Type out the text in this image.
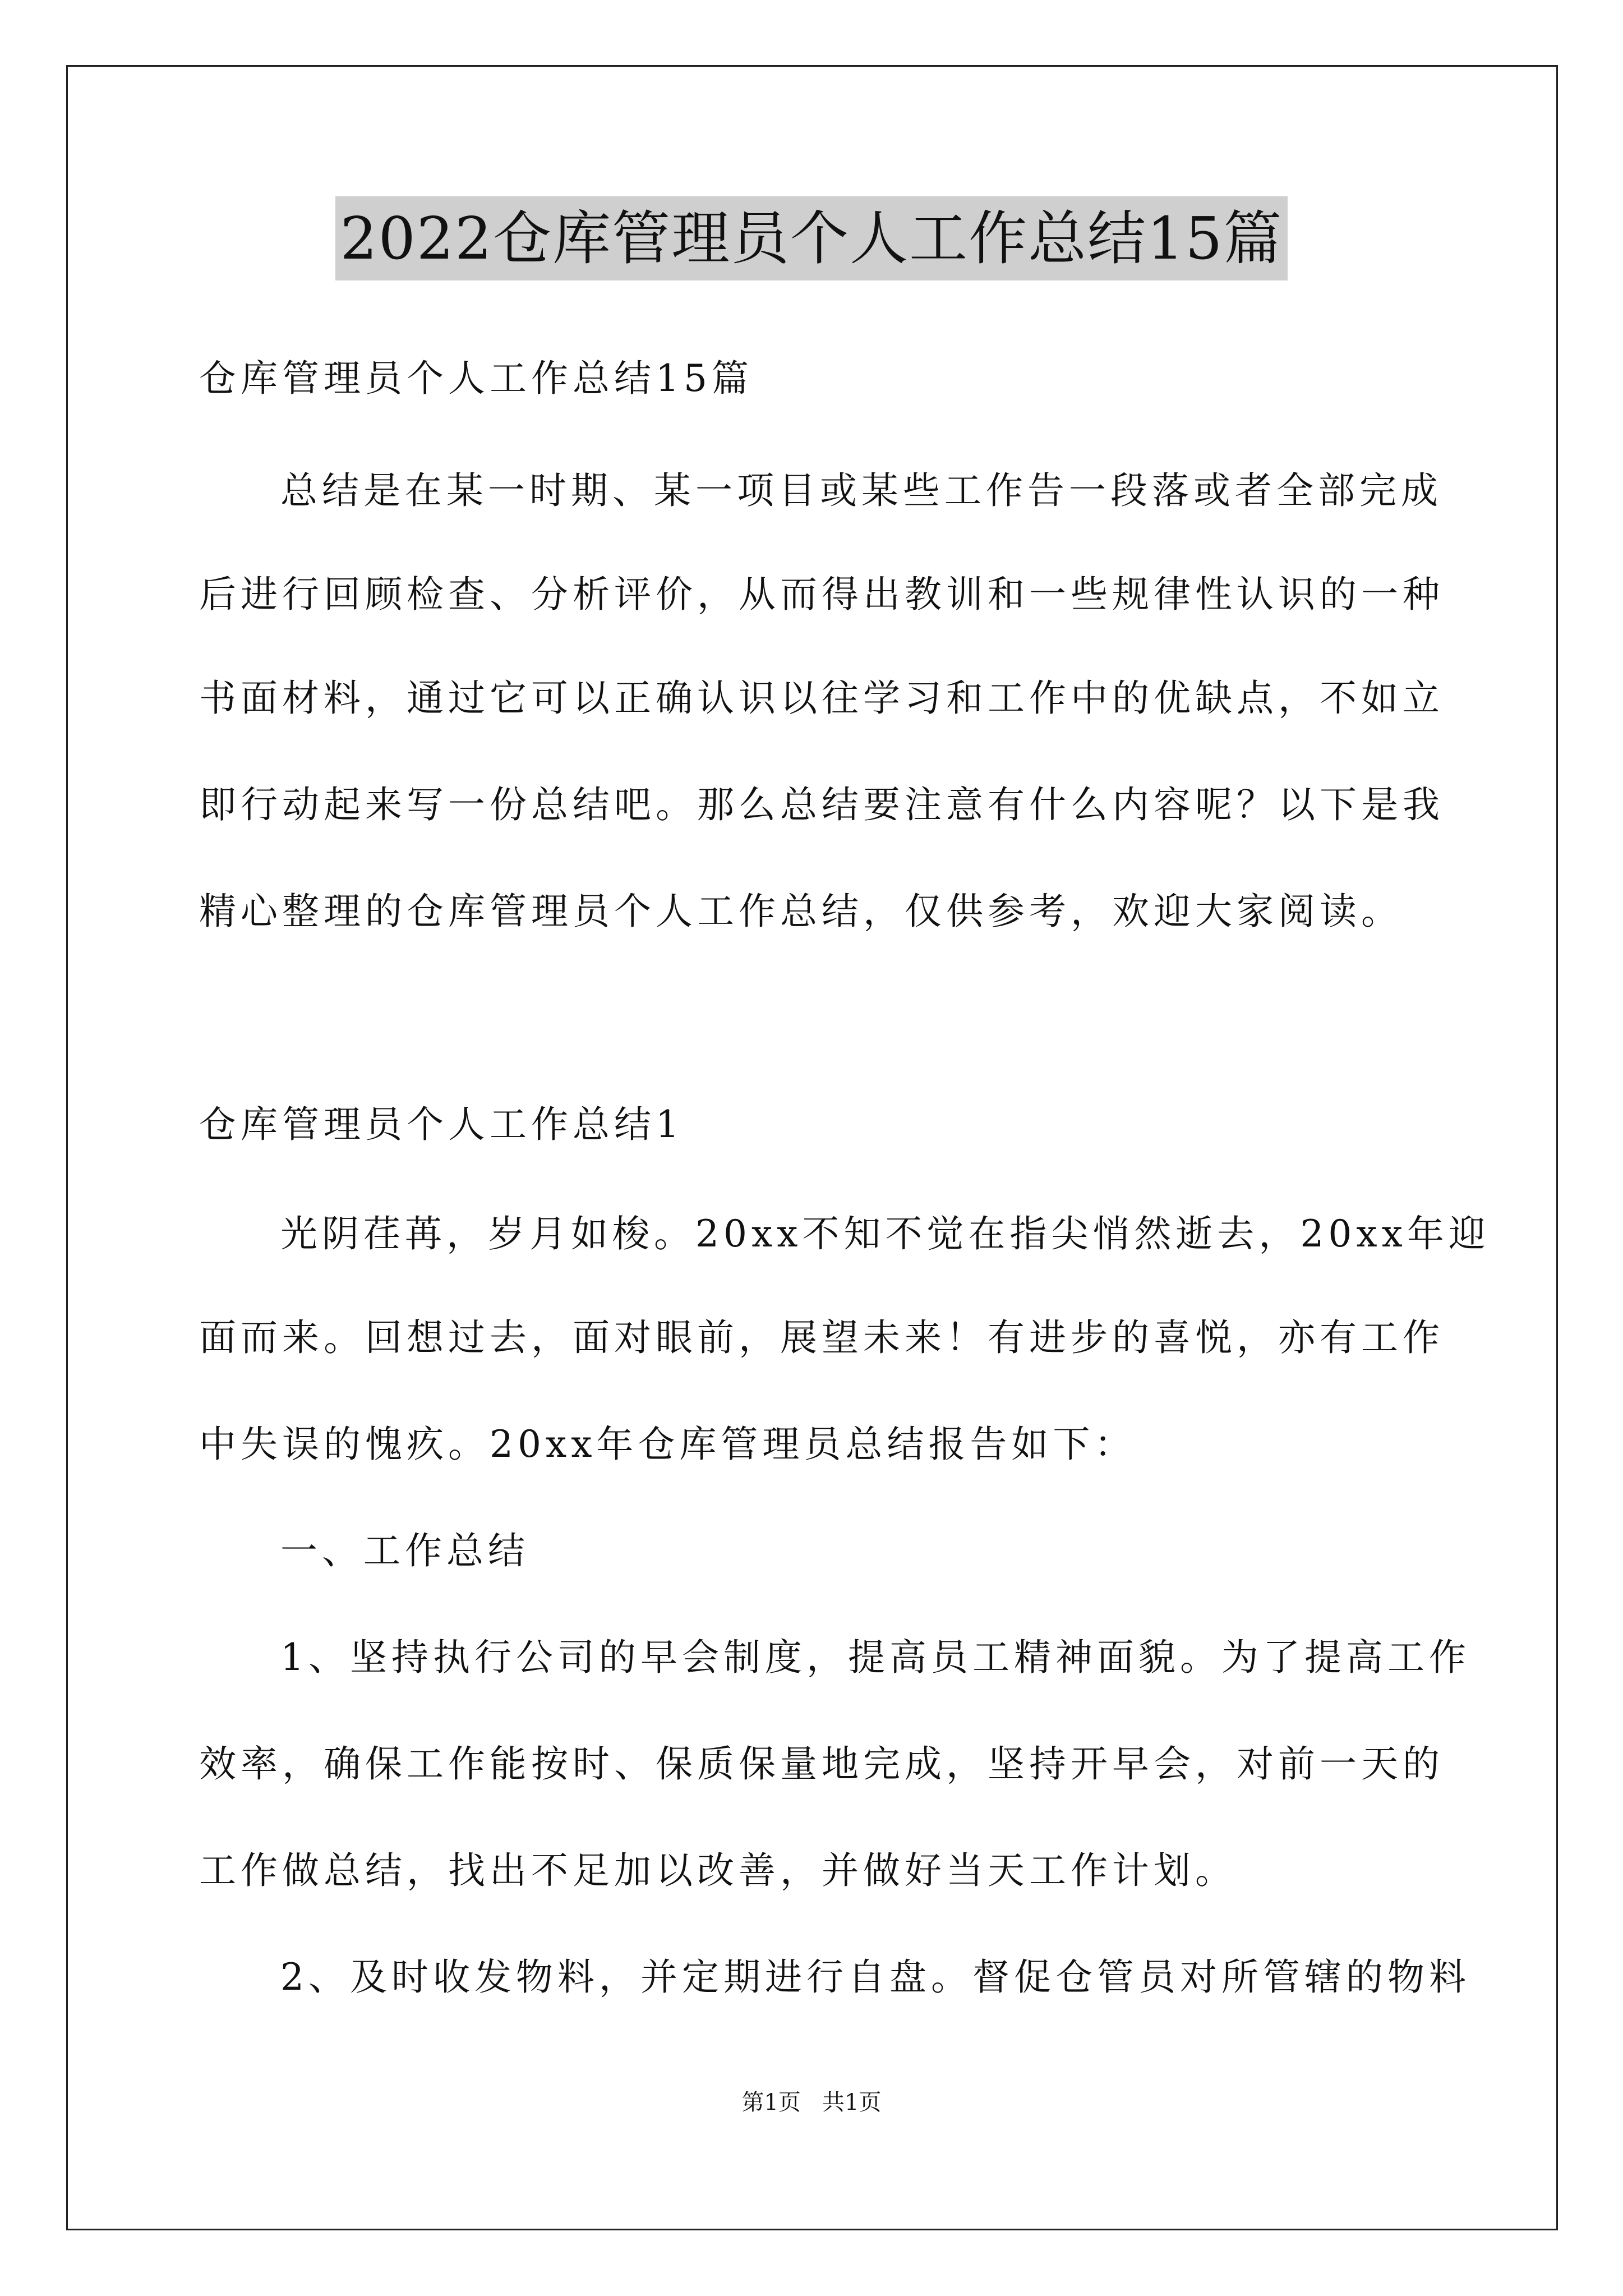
2022仓库管理员个人工作总结15篇
仓库管理员个人工作总结15篇
总结是在某一时期、某一项目或某些工作告一段落或者全部完成
后进行回顾检查、分析评价，从而得出教训和一些规律性认识的一种
书面材料，通过它可以正确认识以往学习和工作中的优缺点，不如立
即行动起来写一份总结吧。那么总结要注意有什么内容呢？以下是我
精心整理的仓库管理员个人工作总结，仅供参考，欢迎大家阅读。
仓库管理员个人工作总结1
光阴荏苒，岁月如梭。20xx不知不觉在指尖悄然逝去，20xx年迎
面而来。回想过去，面对眼前，展望未来！有进步的喜悦，亦有工作
中失误的愧疚。20xx年仓库管理员总结报告如下：
一、工作总结
1、坚持执行公司的早会制度，提高员工精神面貌。为了提高工作
效率，确保工作能按时、保质保量地完成，坚持开早会，对前一天的
工作做总结，找出不足加以改善，并做好当天工作计划。
2、及时收发物料，并定期进行自盘。督促仓管员对所管辖的物料
第1页   共1页
